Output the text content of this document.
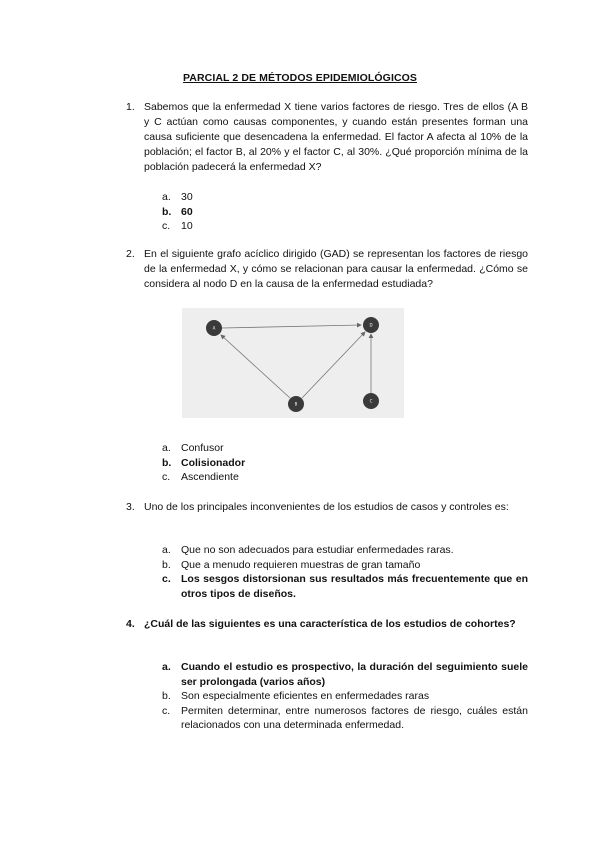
PARCIAL 2 DE MÉTODOS EPIDEMIOLÓGICOS
1. Sabemos que la enfermedad X tiene varios factores de riesgo. Tres de ellos (A B y C actúan como causas componentes, y cuando están presentes forman una causa suficiente que desencadena la enfermedad. El factor A afecta al 10% de la población; el factor B, al 20% y el factor C, al 30%. ¿Qué proporción mínima de la población padecerá la enfermedad X?
a. 30
b. 60
c. 10
2. En el siguiente grafo acíclico dirigido (GAD) se representan los factores de riesgo de la enfermedad X, y cómo se relacionan para causar la enfermedad. ¿Cómo se considera al nodo D en la causa de la enfermedad estudiada?
A
D
B
C
a. Confusor
b. Colisionador
c. Ascendiente
3. Uno de los principales inconvenientes de los estudios de casos y controles es:
a. Que no son adecuados para estudiar enfermedades raras.
b. Que a menudo requieren muestras de gran tamaño
c. Los sesgos distorsionan sus resultados más frecuentemente que en otros tipos de diseños.
4. ¿Cuál de las siguientes es una característica de los estudios de cohortes?
a. Cuando el estudio es prospectivo, la duración del seguimiento suele ser prolongada (varios años)
b. Son especialmente eficientes en enfermedades raras
c. Permiten determinar, entre numerosos factores de riesgo, cuáles están relacionados con una determinada enfermedad.
